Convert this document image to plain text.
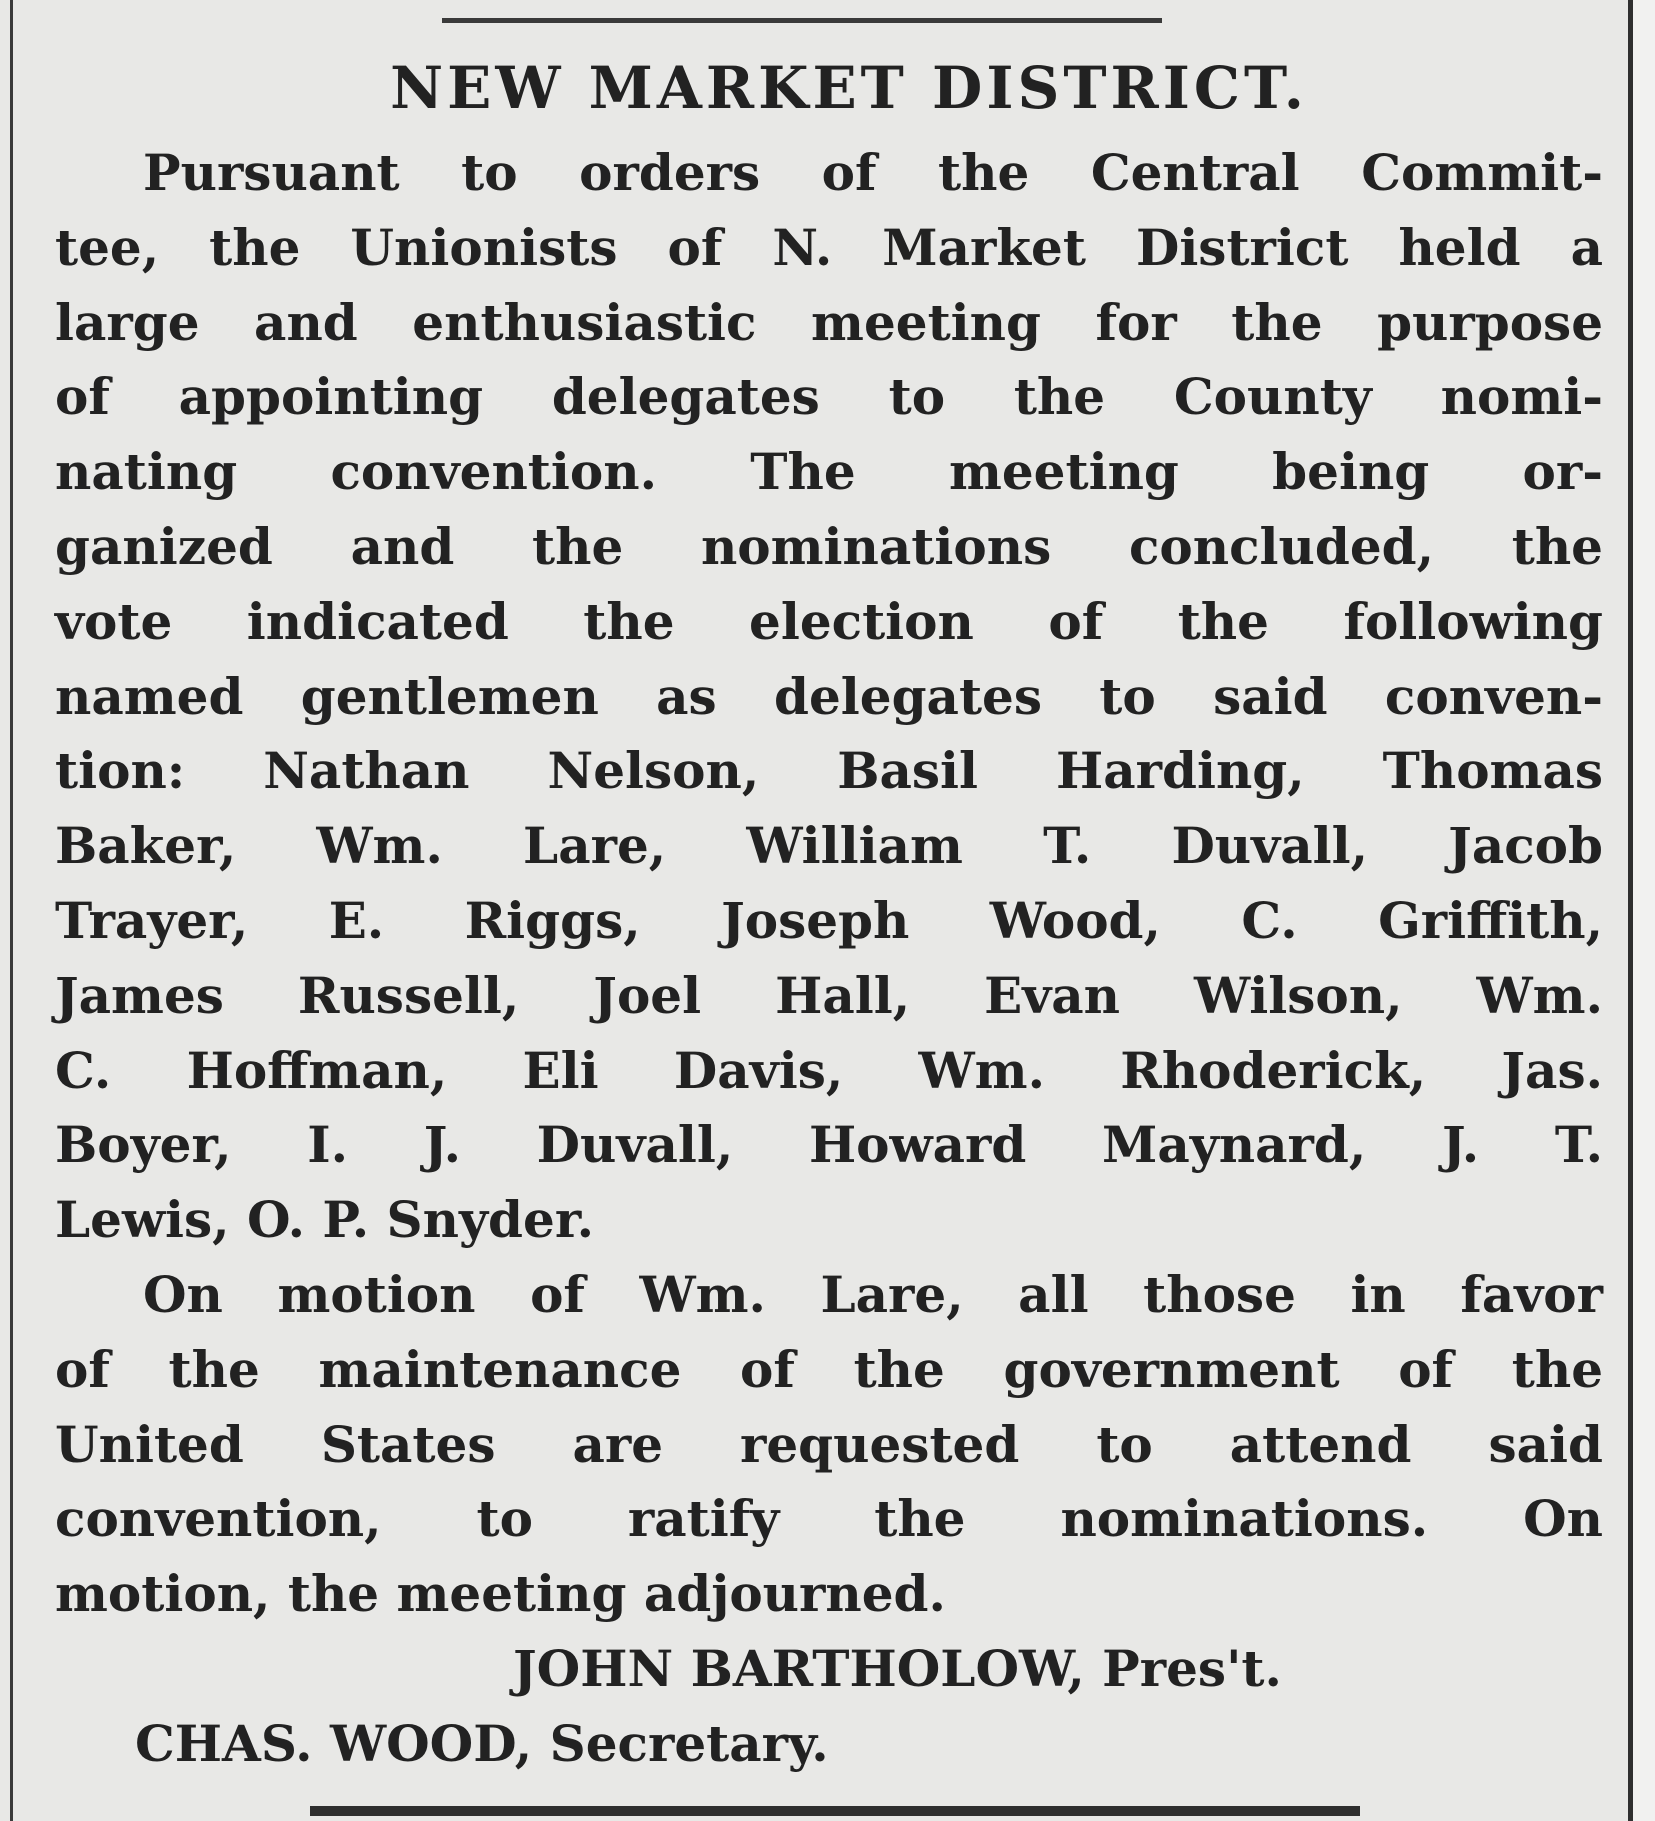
NEW MARKET DISTRICT.
Pursuant to orders of the Central Commit-
tee, the Unionists of N. Market District held a
large and enthusiastic meeting for the purpose
of appointing delegates to the County nomi-
nating convention. The meeting being or-
ganized and the nominations concluded, the
vote indicated the election of the following
named gentlemen as delegates to said conven-
tion: Nathan Nelson, Basil Harding, Thomas
Baker, Wm. Lare, William T. Duvall, Jacob
Trayer, E. Riggs, Joseph Wood, C. Griffith,
James Russell, Joel Hall, Evan Wilson, Wm.
C. Hoffman, Eli Davis, Wm. Rhoderick, Jas.
Boyer, I. J. Duvall, Howard Maynard, J. T.
Lewis, O. P. Snyder.
On motion of Wm. Lare, all those in favor
of the maintenance of the government of the
United States are requested to attend said
convention, to ratify the nominations. On
motion, the meeting adjourned.
JOHN BARTHOLOW, Pres't.
CHAS. WOOD, Secretary.
